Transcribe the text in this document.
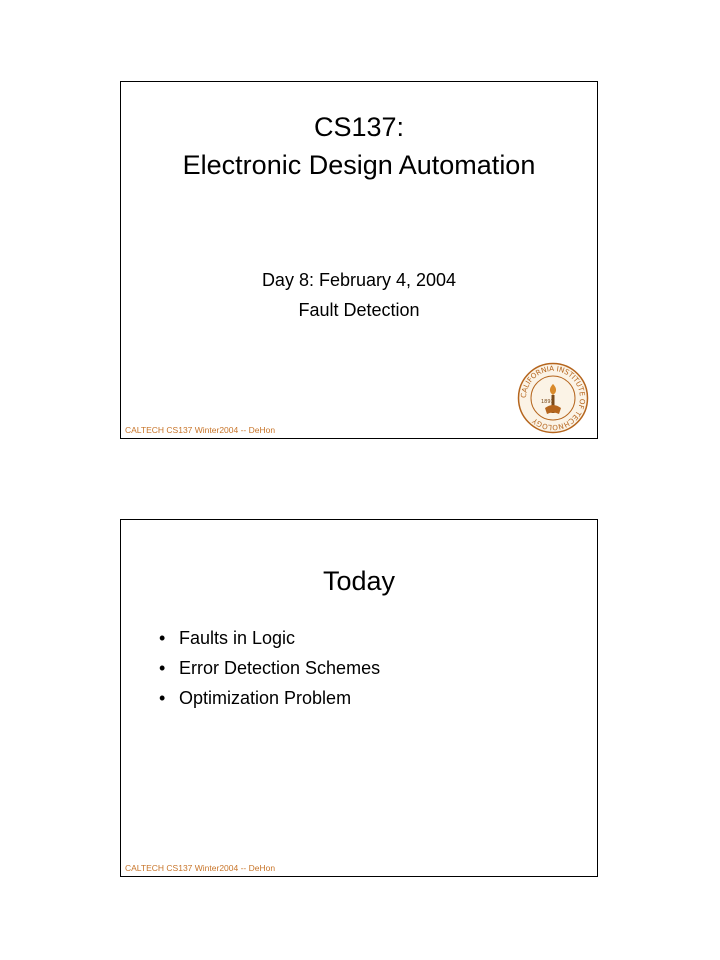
CS137:
Electronic Design Automation
Day 8: February 4, 2004
Fault Detection
CALIFORNIA INSTITUTE OF TECHNOLOGY
1891
CALTECH CS137 Winter2004 -- DeHon
Today
• Faults in Logic
• Error Detection Schemes
• Optimization Problem
CALTECH CS137 Winter2004 -- DeHon
